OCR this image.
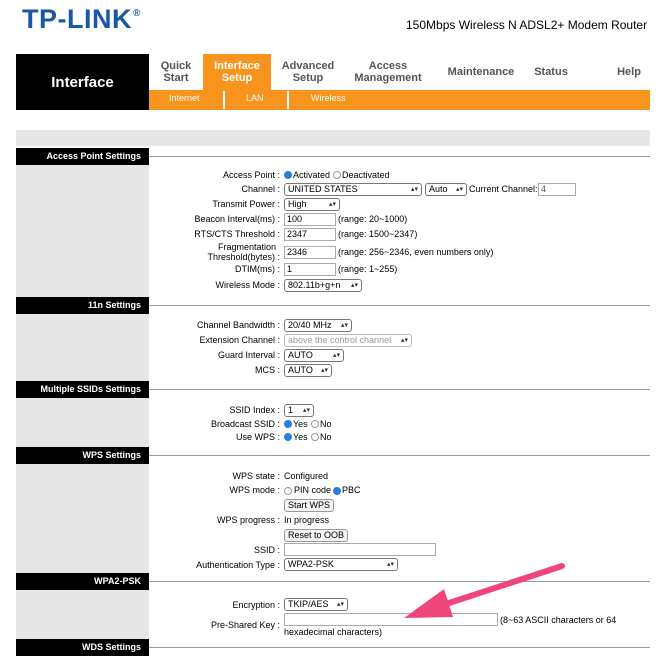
TP-LINK®
150Mbps Wireless N ADSL2+ Modem Router
Interface
Quick
Start
Interface
Setup
Advanced
Setup
Access
Management Maintenance Status	Help
Internet	LAN	Wireless
Access Point Settings
11n Settings
Multiple SSIDs Settings
WPS Settings
WPA2-PSK
WDS Settings
Access Point : Activated Deactivated
Channel : UNITED STATES	▴▾	Auto ▴▾ Current Channel: 4
Transmit Power : High	▴▾
Beacon Interval(ms) : 100	(range: 20~1000)
RTS/CTS Threshold : 2347	(range: 1500~2347)
Fragmentation
Threshold(bytes) : 2346	(range: 256~2346, even numbers only)
DTIM(ms) : 1	(range: 1~255)
Wireless Mode : 802.11b+g+n ▴▾
Channel Bandwidth : 20/40 MHz ▴▾
Extension Channel : above the control channel ▴▾
Guard Interval : AUTO	▴▾
MCS : AUTO ▴▾
SSID Index : 1 ▴▾
Broadcast SSID : Yes No
Use WPS : Yes No
WPS state : Configured
WPS mode : PIN code PBC
Start WPS
WPS progress : In progress
Reset to OOB
SSID :
Authentication Type : WPA2-PSK	▴▾
Encryption : TKIP/AES ▴▾
Pre-Shared Key :	(8~63 ASCII characters or 64
hexadecimal characters)
